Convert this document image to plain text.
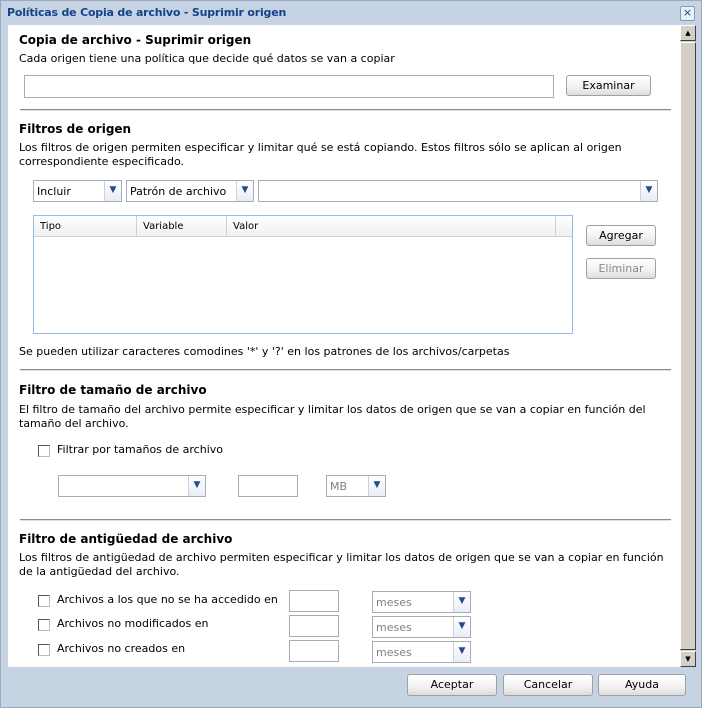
Políticas de Copia de archivo - Suprimir origen	×
Copia de archivo - Suprimir origen
Cada origen tiene una política que decide qué datos se van a copiar
Examinar
Filtros de origen
Los filtros de origen permiten especificar y limitar qué se está copiando. Estos filtros sólo se aplican al origen
correspondiente especificado.
Incluir	▼	Patrón de archivo	▼	▼
Tipo	Variable	Valor
Agregar
Eliminar
Se pueden utilizar caracteres comodines '*' y '?' en los patrones de los archivos/carpetas
Filtro de tamaño de archivo
El filtro de tamaño del archivo permite especificar y limitar los datos de origen que se van a copiar en función del
tamaño del archivo.
Filtrar por tamaños de archivo
▼	MB	▼
Filtro de antigüedad de archivo
Los filtros de antigüedad de archivo permiten especificar y limitar los datos de origen que se van a copiar en función
de la antigüedad del archivo.
Archivos a los que no se ha accedido en	meses	▼
Archivos no modificados en	meses	▼
Archivos no creados en	meses	▼
▲
▼
Aceptar	Cancelar	Ayuda
